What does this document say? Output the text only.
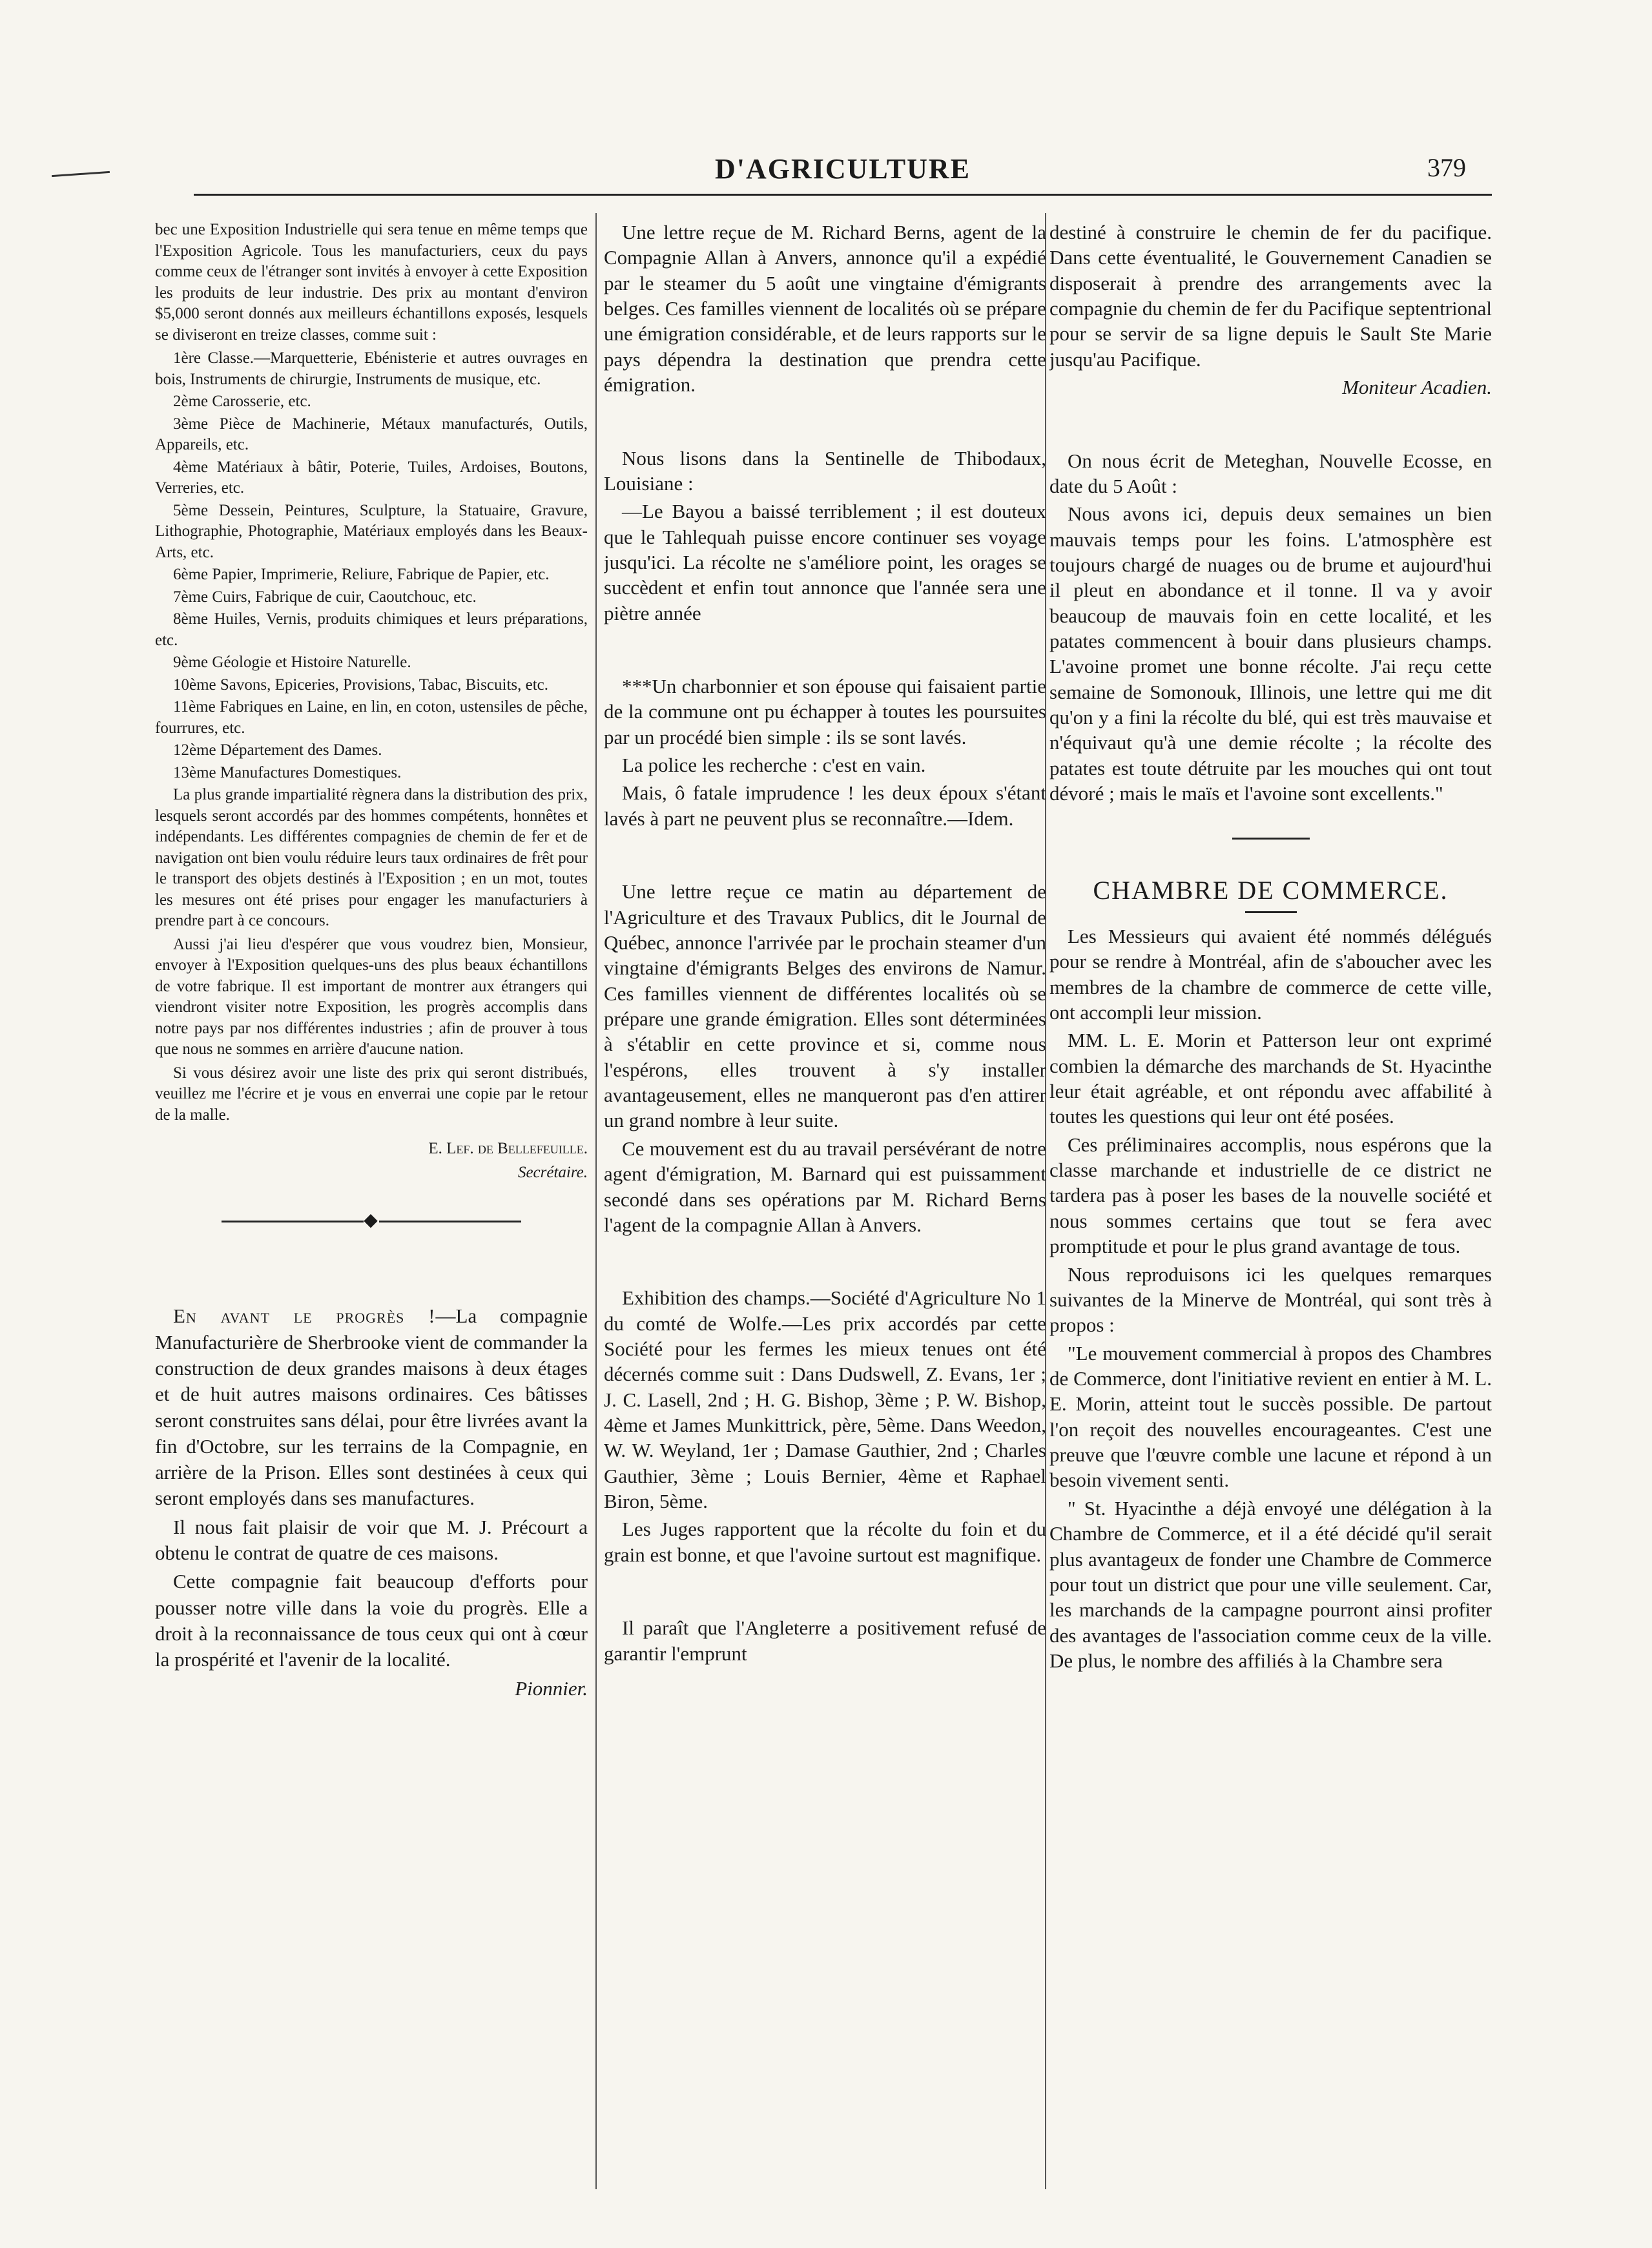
D'AGRICULTURE	379

bec une Exposition Industrielle qui sera tenue en même temps que l'Exposition Agricole. Tous les manufacturiers, ceux du pays comme ceux de l'étranger sont invités à envoyer à cette Exposition les produits de leur industrie. Des prix au montant d'environ $5,000 seront donnés aux meilleurs échantillons exposés, lesquels se diviseront en treize classes, comme suit :

1ère Classe.—Marquetterie, Ebénisterie et autres ouvrages en bois, Instruments de chirurgie, Instruments de musique, etc.

2ème Carosserie, etc.

3ème Pièce de Machinerie, Métaux manufacturés, Outils, Appareils, etc.

4ème Matériaux à bâtir, Poterie, Tuiles, Ardoises, Boutons, Verreries, etc.

5ème Dessein, Peintures, Sculpture, la Statuaire, Gravure, Lithographie, Photographie, Matériaux employés dans les Beaux-Arts, etc.

6ème Papier, Imprimerie, Reliure, Fabrique de Papier, etc.

7ème Cuirs, Fabrique de cuir, Caoutchouc, etc.

8ème Huiles, Vernis, produits chimiques et leurs préparations, etc.

9ème Géologie et Histoire Naturelle.

10ème Savons, Epiceries, Provisions, Tabac, Biscuits, etc.

11ème Fabriques en Laine, en lin, en coton, ustensiles de pêche, fourrures, etc.

12ème Département des Dames.

13ème Manufactures Domestiques.

La plus grande impartialité règnera dans la distribution des prix, lesquels seront accordés par des hommes compétents, honnêtes et indépendants. Les différentes compagnies de chemin de fer et de navigation ont bien voulu réduire leurs taux ordinaires de frêt pour le transport des objets destinés à l'Exposition ; en un mot, toutes les mesures ont été prises pour engager les manufacturiers à prendre part à ce concours.

Aussi j'ai lieu d'espérer que vous voudrez bien, Monsieur, envoyer à l'Exposition quelques-uns des plus beaux échantillons de votre fabrique. Il est important de montrer aux étrangers qui viendront visiter notre Exposition, les progrès accomplis dans notre pays par nos différentes industries ; afin de prouver à tous que nous ne sommes en arrière d'aucune nation.

Si vous désirez avoir une liste des prix qui seront distribués, veuillez me l'écrire et je vous en enverrai une copie par le retour de la malle.

E. Lef. de Bellefeuille.

Secrétaire.

◆

En avant le progrès !—La compagnie Manufacturière de Sherbrooke vient de commander la construction de deux grandes maisons à deux étages et de huit autres maisons ordinaires. Ces bâtisses seront construites sans délai, pour être livrées avant la fin d'Octobre, sur les terrains de la Compagnie, en arrière de la Prison. Elles sont destinées à ceux qui seront employés dans ses manufactures.

Il nous fait plaisir de voir que M. J. Précourt a obtenu le contrat de quatre de ces maisons.

Cette compagnie fait beaucoup d'efforts pour pousser notre ville dans la voie du progrès. Elle a droit à la reconnaissance de tous ceux qui ont à cœur la prospérité et l'avenir de la localité.

Pionnier.

Une lettre reçue de M. Richard Berns, agent de la Compagnie Allan à Anvers, annonce qu'il a expédié par le steamer du 5 août une vingtaine d'émigrants belges. Ces familles viennent de localités où se prépare une émigration considérable, et de leurs rapports sur le pays dépendra la destination que prendra cette émigration.

Nous lisons dans la Sentinelle de Thibodaux, Louisiane :

—Le Bayou a baissé terriblement ; il est douteux que le Tahlequah puisse encore continuer ses voyage jusqu'ici. La récolte ne s'améliore point, les orages se succèdent et enfin tout annonce que l'année sera une piètre année

***Un charbonnier et son épouse qui faisaient partie de la commune ont pu échapper à toutes les poursuites par un procédé bien simple : ils se sont lavés.

La police les recherche : c'est en vain.

Mais, ô fatale imprudence ! les deux époux s'étant lavés à part ne peuvent plus se reconnaître.—Idem.

Une lettre reçue ce matin au département de l'Agriculture et des Travaux Publics, dit le Journal de Québec, annonce l'arrivée par le prochain steamer d'un vingtaine d'émigrants Belges des environs de Namur. Ces familles viennent de différentes localités où se prépare une grande émigration. Elles sont déterminées à s'établir en cette province et si, comme nous l'espérons, elles trouvent à s'y installer avantageusement, elles ne manqueront pas d'en attirer un grand nombre à leur suite.

Ce mouvement est du au travail persévérant de notre agent d'émigration, M. Barnard qui est puissamment secondé dans ses opérations par M. Richard Berns l'agent de la compagnie Allan à Anvers.

Exhibition des champs.—Société d'Agriculture No 1 du comté de Wolfe.—Les prix accordés par cette Société pour les fermes les mieux tenues ont été décernés comme suit : Dans Dudswell, Z. Evans, 1er ; J. C. Lasell, 2nd ; H. G. Bishop, 3ème ; P. W. Bishop, 4ème et James Munkittrick, père, 5ème. Dans Weedon, W. W. Weyland, 1er ; Damase Gauthier, 2nd ; Charles Gauthier, 3ème ; Louis Bernier, 4ème et Raphael Biron, 5ème.

Les Juges rapportent que la récolte du foin et du grain est bonne, et que l'avoine surtout est magnifique.

Il paraît que l'Angleterre a positivement refusé de garantir l'emprunt

destiné à construire le chemin de fer du pacifique. Dans cette éventualité, le Gouvernement Canadien se disposerait à prendre des arrangements avec la compagnie du chemin de fer du Pacifique septentrional pour se servir de sa ligne depuis le Sault Ste Marie jusqu'au Pacifique.

Moniteur Acadien.

On nous écrit de Meteghan, Nouvelle Ecosse, en date du 5 Août :

Nous avons ici, depuis deux semaines un bien mauvais temps pour les foins. L'atmosphère est toujours chargé de nuages ou de brume et aujourd'hui il pleut en abondance et il tonne. Il va y avoir beaucoup de mauvais foin en cette localité, et les patates commencent à bouir dans plusieurs champs. L'avoine promet une bonne récolte. J'ai reçu cette semaine de Somonouk, Illinois, une lettre qui me dit qu'on y a fini la récolte du blé, qui est très mauvaise et n'équivaut qu'à une demie récolte ; la récolte des patates est toute détruite par les mouches qui ont tout dévoré ; mais le maïs et l'avoine sont excellents."

CHAMBRE DE COMMERCE.

Les Messieurs qui avaient été nommés délégués pour se rendre à Montréal, afin de s'aboucher avec les membres de la chambre de commerce de cette ville, ont accompli leur mission.

MM. L. E. Morin et Patterson leur ont exprimé combien la démarche des marchands de St. Hyacinthe leur était agréable, et ont répondu avec affabilité à toutes les questions qui leur ont été posées.

Ces préliminaires accomplis, nous espérons que la classe marchande et industrielle de ce district ne tardera pas à poser les bases de la nouvelle société et nous sommes certains que tout se fera avec promptitude et pour le plus grand avantage de tous.

Nous reproduisons ici les quelques remarques suivantes de la Minerve de Montréal, qui sont très à propos :

"Le mouvement commercial à propos des Chambres de Commerce, dont l'initiative revient en entier à M. L. E. Morin, atteint tout le succès possible. De partout l'on reçoit des nouvelles encourageantes. C'est une preuve que l'œuvre comble une lacune et répond à un besoin vivement senti.

" St. Hyacinthe a déjà envoyé une délégation à la Chambre de Commerce, et il a été décidé qu'il serait plus avantageux de fonder une Chambre de Commerce pour tout un district que pour une ville seulement. Car, les marchands de la campagne pourront ainsi profiter des avantages de l'association comme ceux de la ville. De plus, le nombre des affiliés à la Chambre sera
